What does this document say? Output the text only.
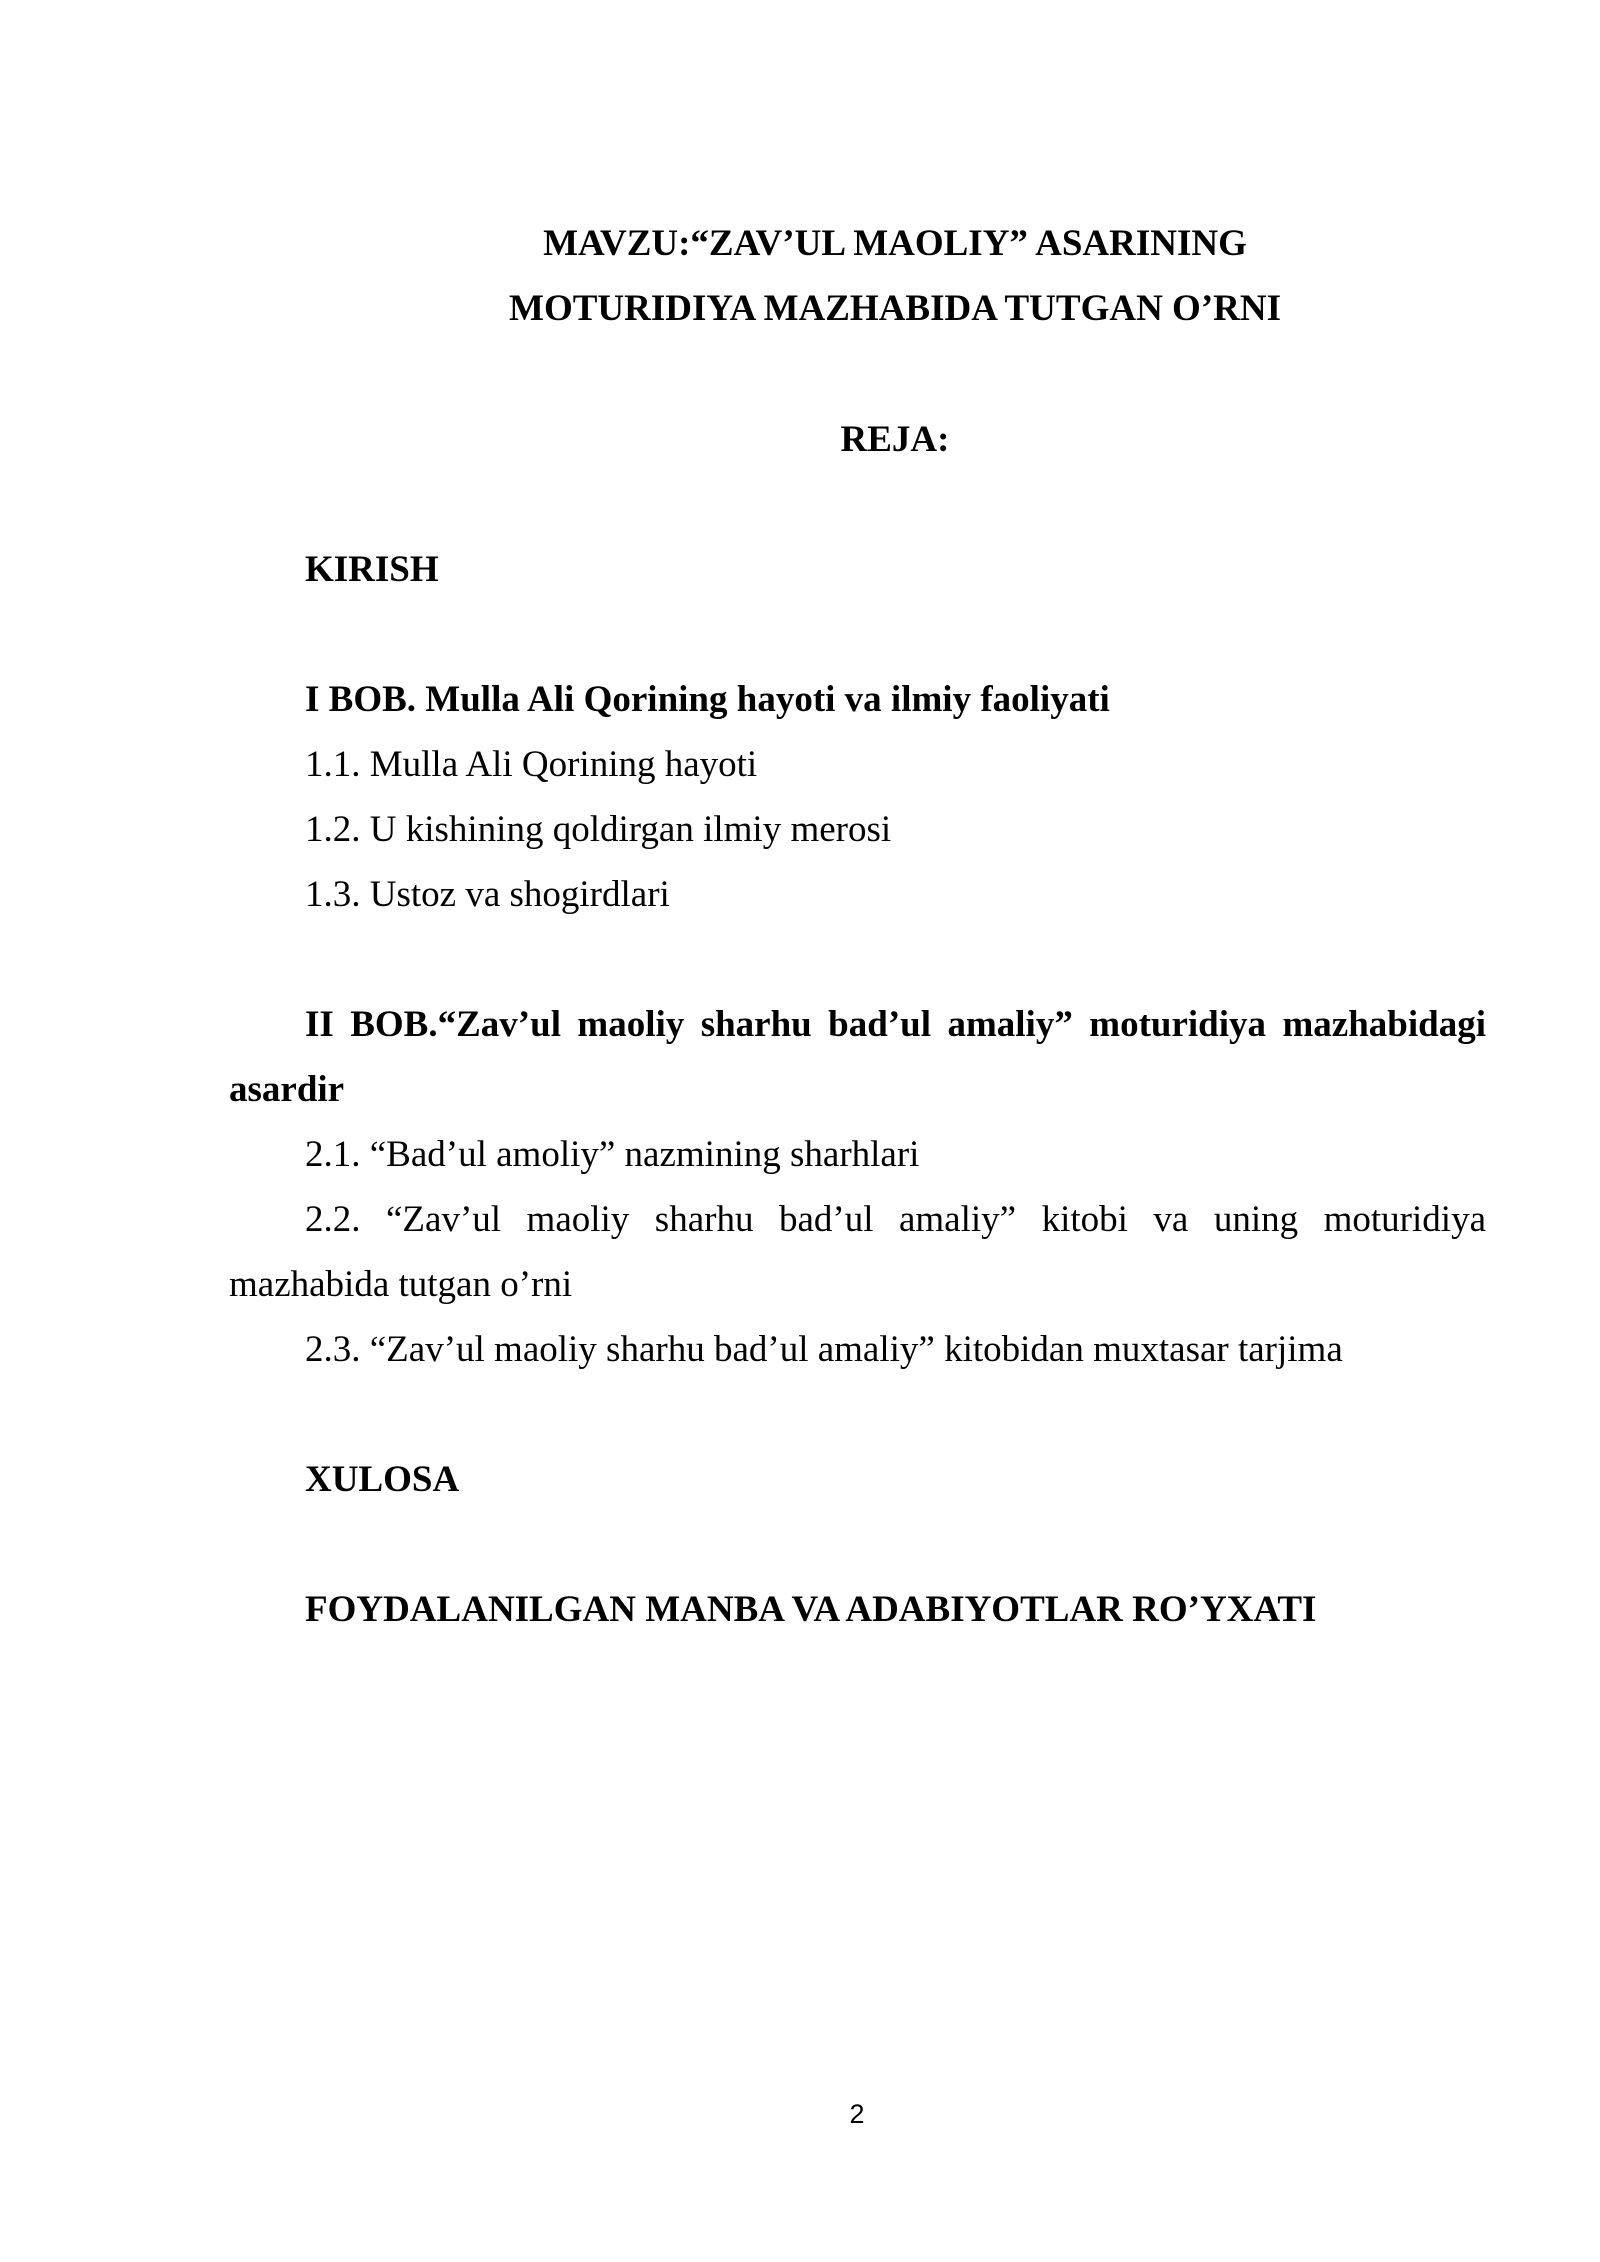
MAVZU:“ZAV’UL MAOLIY” ASARINING

MOTURIDIYA MAZHABIDA TUTGAN O’RNI

REJA:

KIRISH

I BOB. Mulla Ali Qorining hayoti va ilmiy faoliyati

1.1. Mulla Ali Qorining hayoti

1.2. U kishining qoldirgan ilmiy merosi

1.3. Ustoz va shogirdlari

II BOB.“Zav’ul maoliy sharhu bad’ul amaliy” moturidiya mazhabidagi

asardir

2.1. “Bad’ul amoliy” nazmining sharhlari

2.2. “Zav’ul maoliy sharhu bad’ul amaliy” kitobi va uning moturidiya

mazhabida tutgan o’rni

2.3. “Zav’ul maoliy sharhu bad’ul amaliy” kitobidan muxtasar tarjima

XULOSA

FOYDALANILGAN MANBA VA ADABIYOTLAR RO’YXATI

2
